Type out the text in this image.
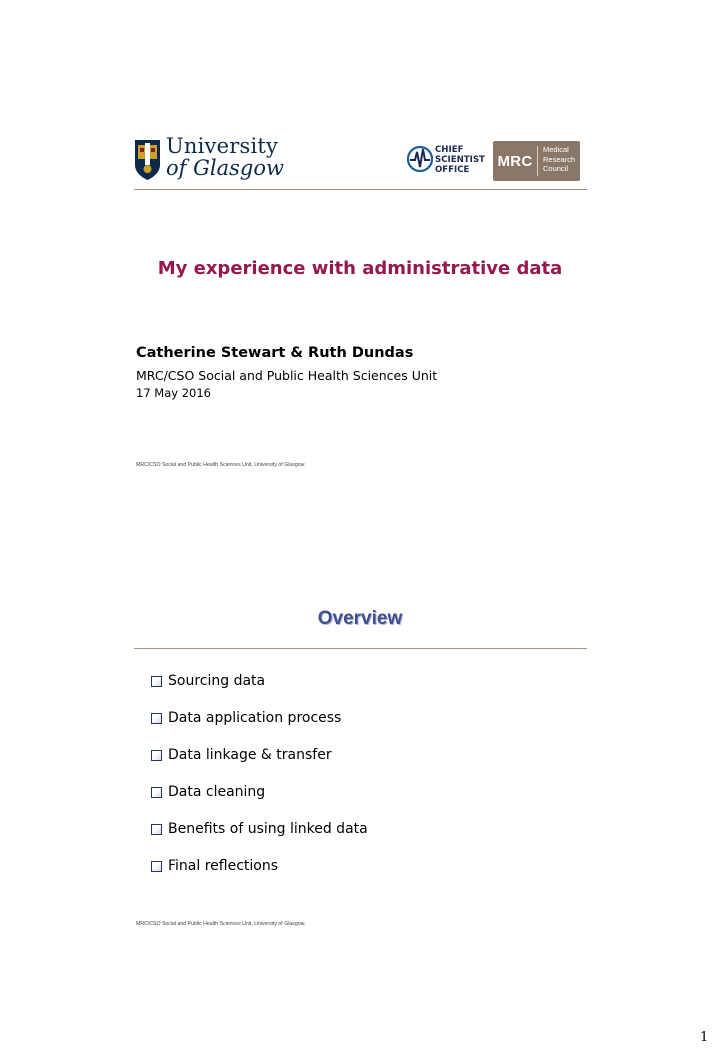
University
of Glasgow
CHIEF
SCIENTIST
OFFICE
MRC
Medical
Research
Council
My experience with administrative data
Catherine Stewart & Ruth Dundas
MRC/CSO Social and Public Health Sciences Unit
17 May 2016
MRC/CSO Social and Public Health Sciences Unit, University of Glasgow.
Overview
Sourcing data
Data application process
Data linkage & transfer
Data cleaning
Benefits of using linked data
Final reflections
MRC/CSO Social and Public Health Sciences Unit, University of Glasgow.
1
